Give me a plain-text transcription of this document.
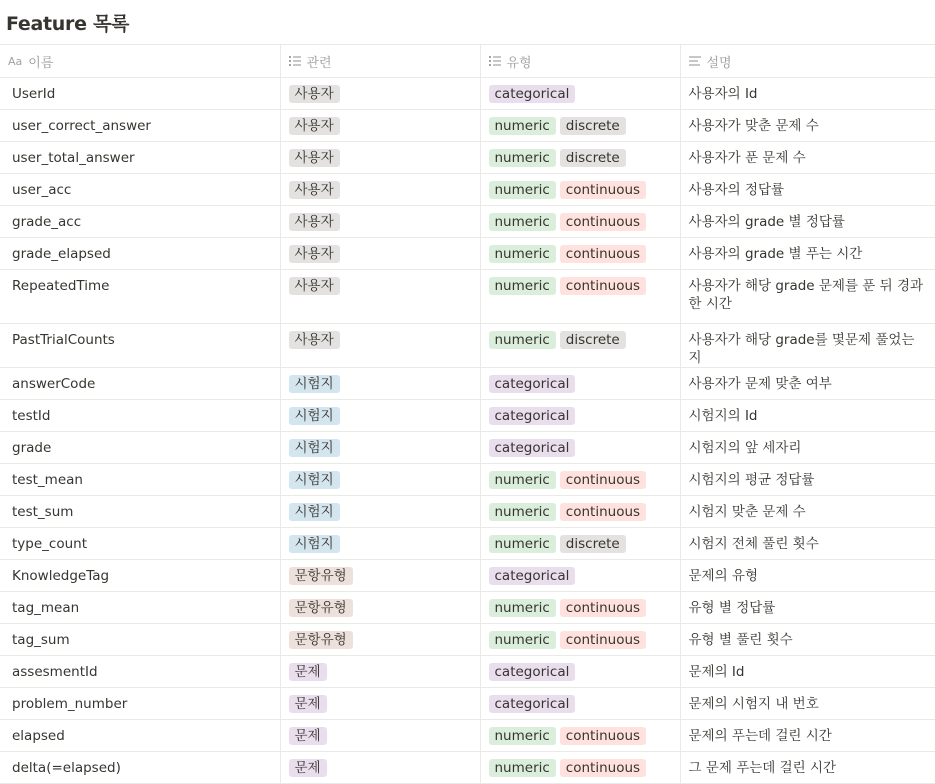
Feature 목록
Aa 이름	관련	유형	설명
UserId	사용자	categorical	사용자의 Id

user_correct_answer	사용자	numeric discrete	사용자가 맞춘 문제 수

user_total_answer	사용자	numeric discrete	사용자가 푼 문제 수

user_acc	사용자	numeric continuous	사용자의 정답률

grade_acc	사용자	numeric continuous	사용자의 grade 별 정답률

grade_elapsed	사용자	numeric continuous	사용자의 grade 별 푸는 시간

RepeatedTime	사용자	numeric continuous	사용자가 해당 grade 문제를 푼 뒤 경과한 시간

PastTrialCounts	사용자	numeric discrete	사용자가 해당 grade를 몇문제 풀었는지

answerCode	시험지	categorical	사용자가 문제 맞춘 여부

testId	시험지	categorical	시험지의 Id

grade	시험지	categorical	시험지의 앞 세자리

test_mean	시험지	numeric continuous	시험지의 평균 정답률

test_sum	시험지	numeric continuous	시험지 맞춘 문제 수

type_count	시험지	numeric discrete	시험지 전체 풀린 횟수

KnowledgeTag	문항유형	categorical	문제의 유형

tag_mean	문항유형	numeric continuous	유형 별 정답률

tag_sum	문항유형	numeric continuous	유형 별 풀린 횟수

assesmentId	문제	categorical	문제의 Id

problem_number	문제	categorical	문제의 시험지 내 번호

elapsed	문제	numeric continuous	문제의 푸는데 걸린 시간

delta(=elapsed)	문제	numeric continuous	그 문제 푸는데 걸린 시간
